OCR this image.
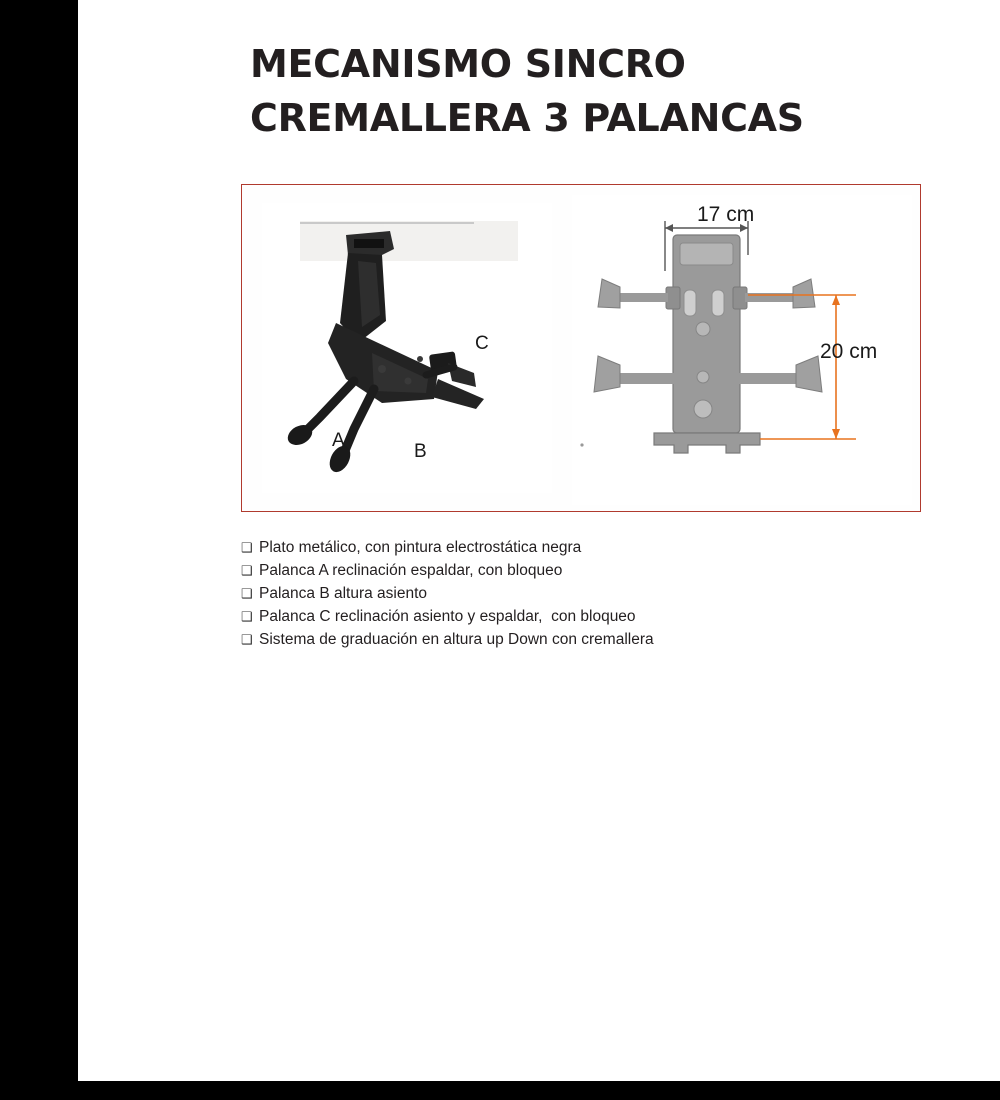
MECANISMO SINCRO
CREMALLERA 3 PALANCAS
A
B
C
17 cm
20 cm
❑ Plato metálico, con pintura electrostática negra
❑ Palanca A reclinación espaldar, con bloqueo
❑ Palanca B altura asiento
❑ Palanca C reclinación asiento y espaldar,  con bloqueo
❑ Sistema de graduación en altura up Down con cremallera
